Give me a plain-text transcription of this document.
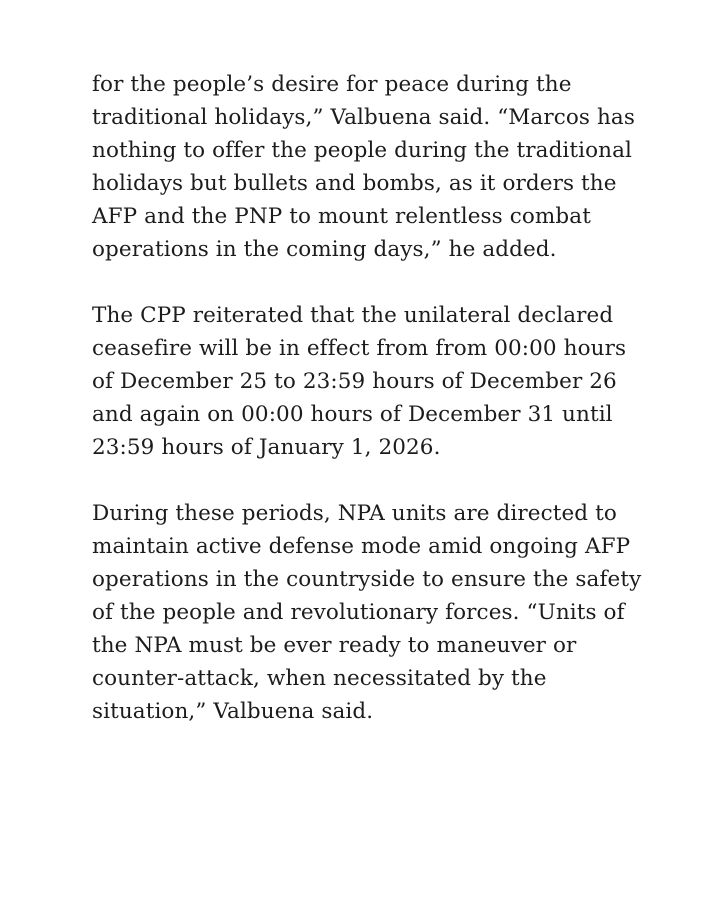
for the people’s desire for peace during the traditional holidays,” Valbuena said. “Marcos has nothing to offer the people during the traditional holidays but bullets and bombs, as it orders the AFP and the PNP to mount relentless combat operations in the coming days,” he added.

The CPP reiterated that the unilateral declared ceasefire will be in effect from from 00:00 hours of December 25 to 23:59 hours of December 26 and again on 00:00 hours of December 31 until 23:59 hours of January 1, 2026.

During these periods, NPA units are directed to maintain active defense mode amid ongoing AFP operations in the countryside to ensure the safety of the people and revolutionary forces. “Units of the NPA must be ever ready to maneuver or counter-attack, when necessitated by the situation,” Valbuena said.
